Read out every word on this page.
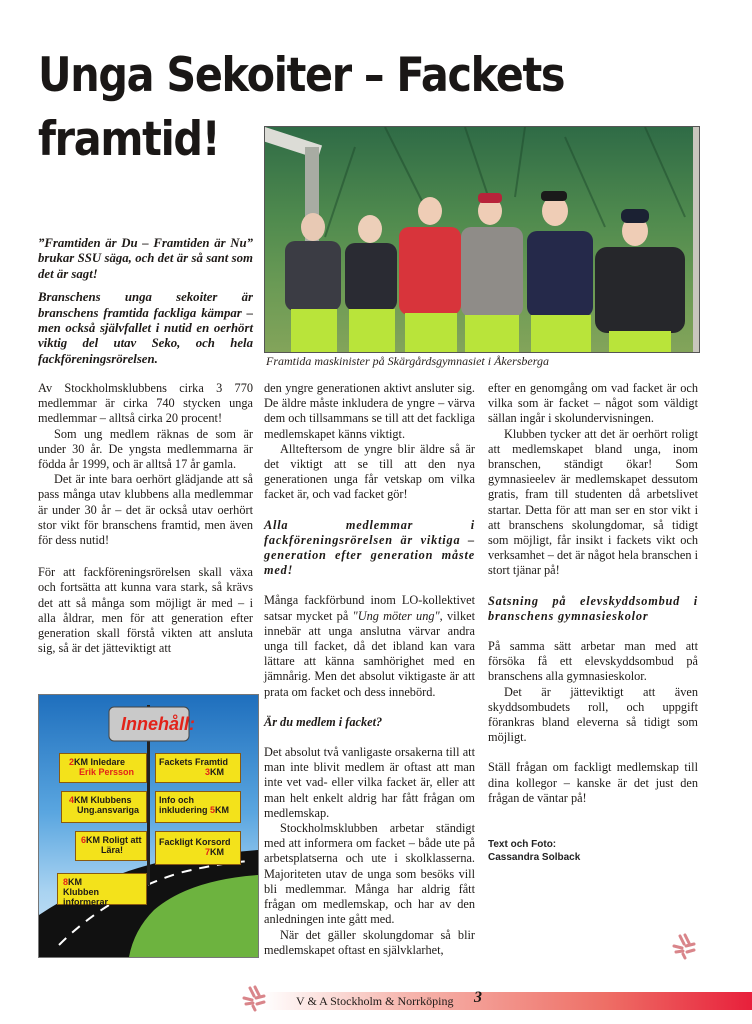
Unga Sekoiter – Fackets framtid!
Framtida maskinister på Skärgårdsgymnasiet i Åkersberga

”Framtiden är Du – Framtiden är Nu” brukar SSU säga, och det är så sant som det är sagt!

Branschens unga sekoiter är branschens framtida fackliga kämpar – men också självfallet i nutid en oerhört viktig del utav Seko, och hela fackföreningsrörelsen.

Av Stockholmsklubbens cirka 3 770 medlemmar är cirka 740 stycken unga medlemmar – alltså cirka 20 procent!

Som ung medlem räknas de som är under 30 år. De yngsta medlemmarna är födda år 1999, och är alltså 17 år gamla.

Det är inte bara oerhört glädjande att så pass många utav klubbens alla medlemmar är under 30 år – det är också utav oerhört stor vikt för branschens framtid, men även för dess nutid!

För att fackföreningsrörelsen skall växa och fortsätta att kunna vara stark, så krävs det att så många som möjligt är med – i alla åldrar, men för att generation efter generation skall förstå vikten att ansluta sig, så är det jätteviktigt att

Innehåll:
2KM Inledare
Erik Persson
Fackets Framtid
3KM
4KM Klubbens
Ung.ansvariga
Info och inkludering 5KM
6KM Roligt att
Lära!
Fackligt Korsord
7KM
8KM
Klubben informerar

den yngre generationen aktivt ansluter sig. De äldre måste inkludera de yngre – värva dem och tillsammans se till att det fackliga medlemskapet känns viktigt.

Allteftersom de yngre blir äldre så är det viktigt att se till att den nya generationen unga får vetskap om vilka facket är, och vad facket gör!

Alla medlemmar i fackföreningsrörelsen är viktiga – generation efter generation måste med!

Många fackförbund inom LO-kollektivet satsar mycket på "Ung möter ung", vilket innebär att unga anslutna värvar andra unga till facket, då det ibland kan vara lättare att känna samhörighet med en jämnårig. Men det absolut viktigaste är att prata om facket och dess innebörd.

Är du medlem i facket?

Det absolut två vanligaste orsakerna till att man inte blivit medlem är oftast att man inte vet vad- eller vilka facket är, eller att man helt enkelt aldrig har fått frågan om medlemskap.

Stockholmsklubben arbetar ständigt med att informera om facket – både ute på arbetsplatserna och ute i skolklasserna. Majoriteten utav de unga som besöks vill bli medlemmar. Många har aldrig fått frågan om medlemskap, och har av den anledningen inte gått med.

När det gäller skolungdomar så blir medlemskapet oftast en självklarhet,

efter en genomgång om vad facket är och vilka som är facket – något som väldigt sällan ingår i skolundervisningen.

Klubben tycker att det är oerhört roligt att medlemskapet bland unga, inom branschen, ständigt ökar! Som gymnasieelev är medlemskapet dessutom gratis, fram till studenten då arbetslivet startar. Detta för att man ser en stor vikt i att branschens skolungdomar, så tidigt som möjligt, får insikt i fackets vikt och verksamhet – det är något hela branschen i stort tjänar på!

Satsning på elevskyddsombud i branschens gymnasieskolor

På samma sätt arbetar man med att försöka få ett elevskyddsombud på branschens alla gymnasieskolor.

Det är jätteviktigt att även skyddsombudets roll, och uppgift förankras bland eleverna så tidigt som möjligt.

Ställ frågan om fackligt medlemskap till dina kollegor – kanske är det just den frågan de väntar på!

Text och Foto:
Cassandra Solback
V & A Stockholm & Norrköping 3
